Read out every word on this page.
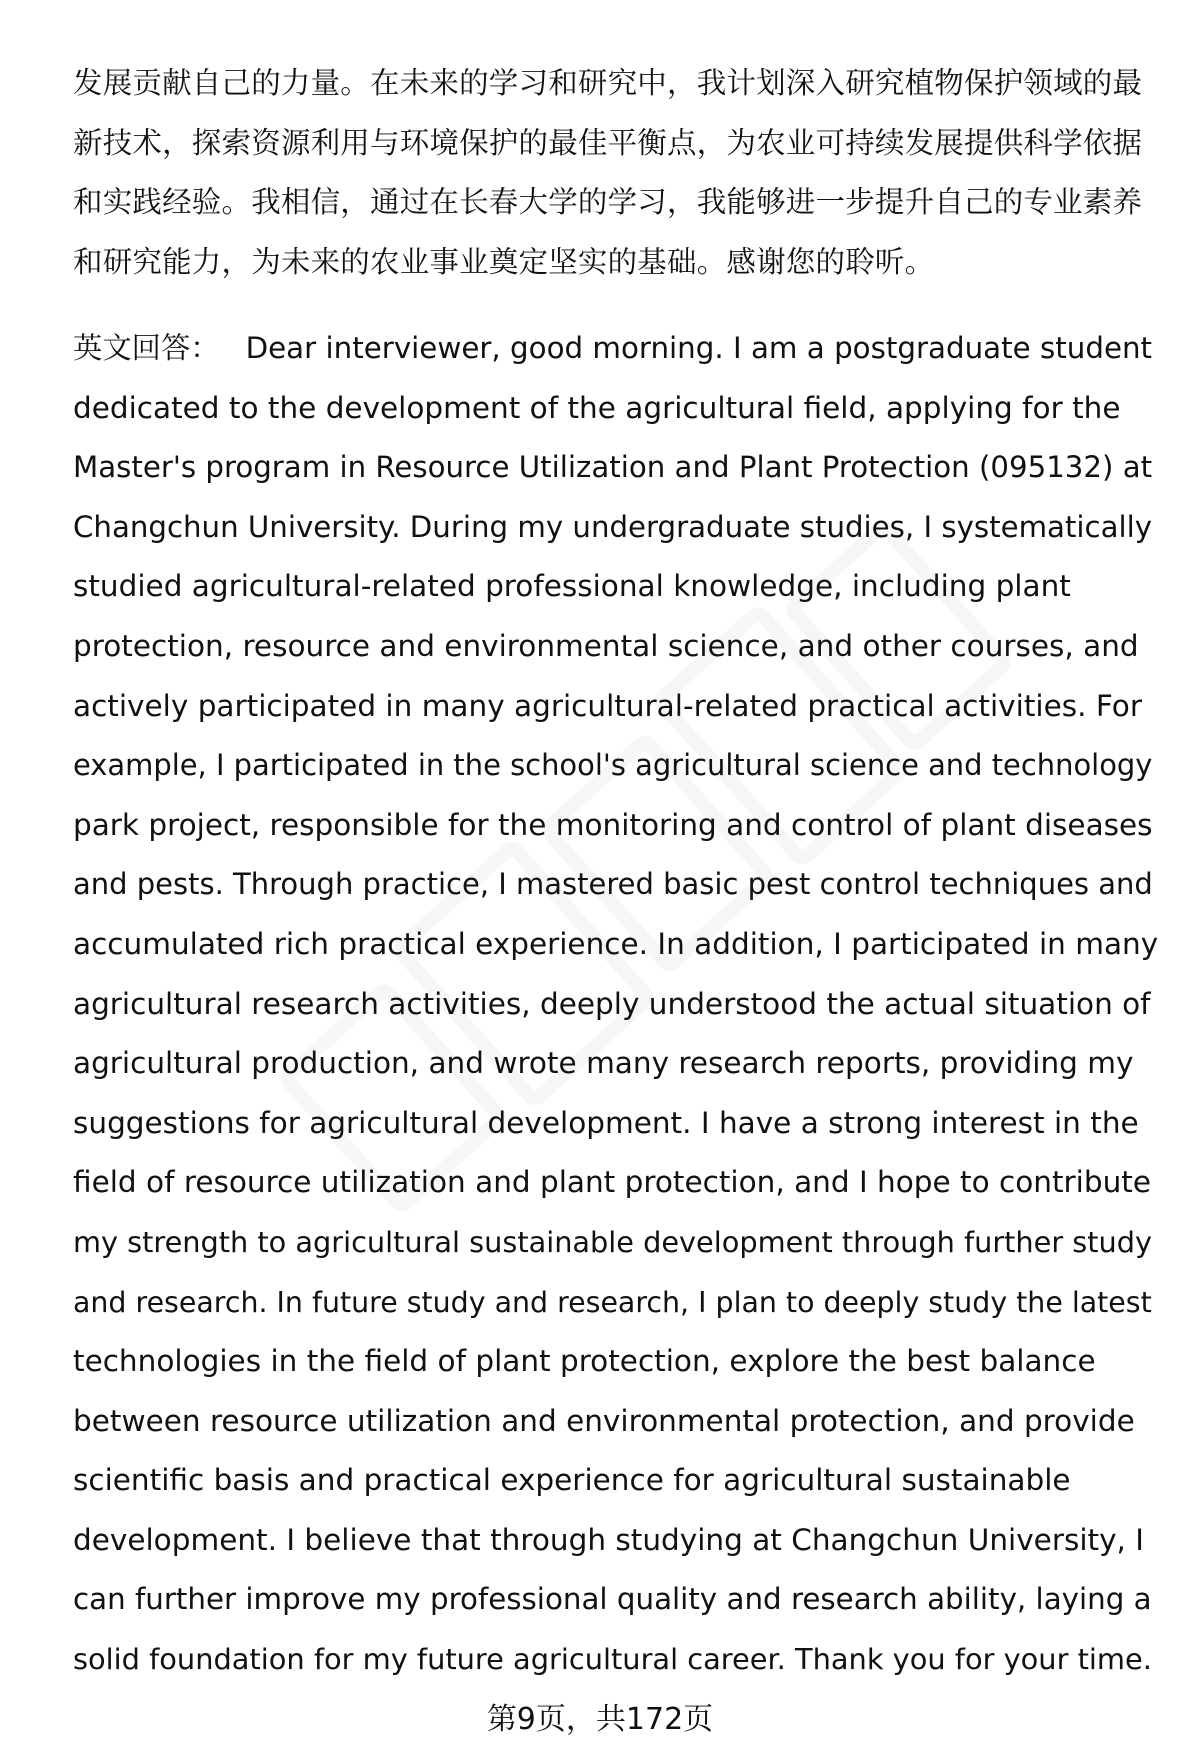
发展贡献自己的力量。在未来的学习和研究中，我计划深入研究植物保护领域的最
新技术，探索资源利用与环境保护的最佳平衡点，为农业可持续发展提供科学依据
和实践经验。我相信，通过在长春大学的学习，我能够进一步提升自己的专业素养
和研究能力，为未来的农业事业奠定坚实的基础。感谢您的聆听。
英文回答： Dear interviewer, good morning. I am a postgraduate student
dedicated to the development of the agricultural field, applying for the
Master's program in Resource Utilization and Plant Protection (095132) at
Changchun University. During my undergraduate studies, I systematically
studied agricultural-related professional knowledge, including plant
protection, resource and environmental science, and other courses, and
actively participated in many agricultural-related practical activities. For
example, I participated in the school's agricultural science and technology
park project, responsible for the monitoring and control of plant diseases
and pests. Through practice, I mastered basic pest control techniques and
accumulated rich practical experience. In addition, I participated in many
agricultural research activities, deeply understood the actual situation of
agricultural production, and wrote many research reports, providing my
suggestions for agricultural development. I have a strong interest in the
field of resource utilization and plant protection, and I hope to contribute
my strength to agricultural sustainable development through further study
and research. In future study and research, I plan to deeply study the latest
technologies in the field of plant protection, explore the best balance
between resource utilization and environmental protection, and provide
scientific basis and practical experience for agricultural sustainable
development. I believe that through studying at Changchun University, I
can further improve my professional quality and research ability, laying a
solid foundation for my future agricultural career. Thank you for your time.
第9页，共172页
